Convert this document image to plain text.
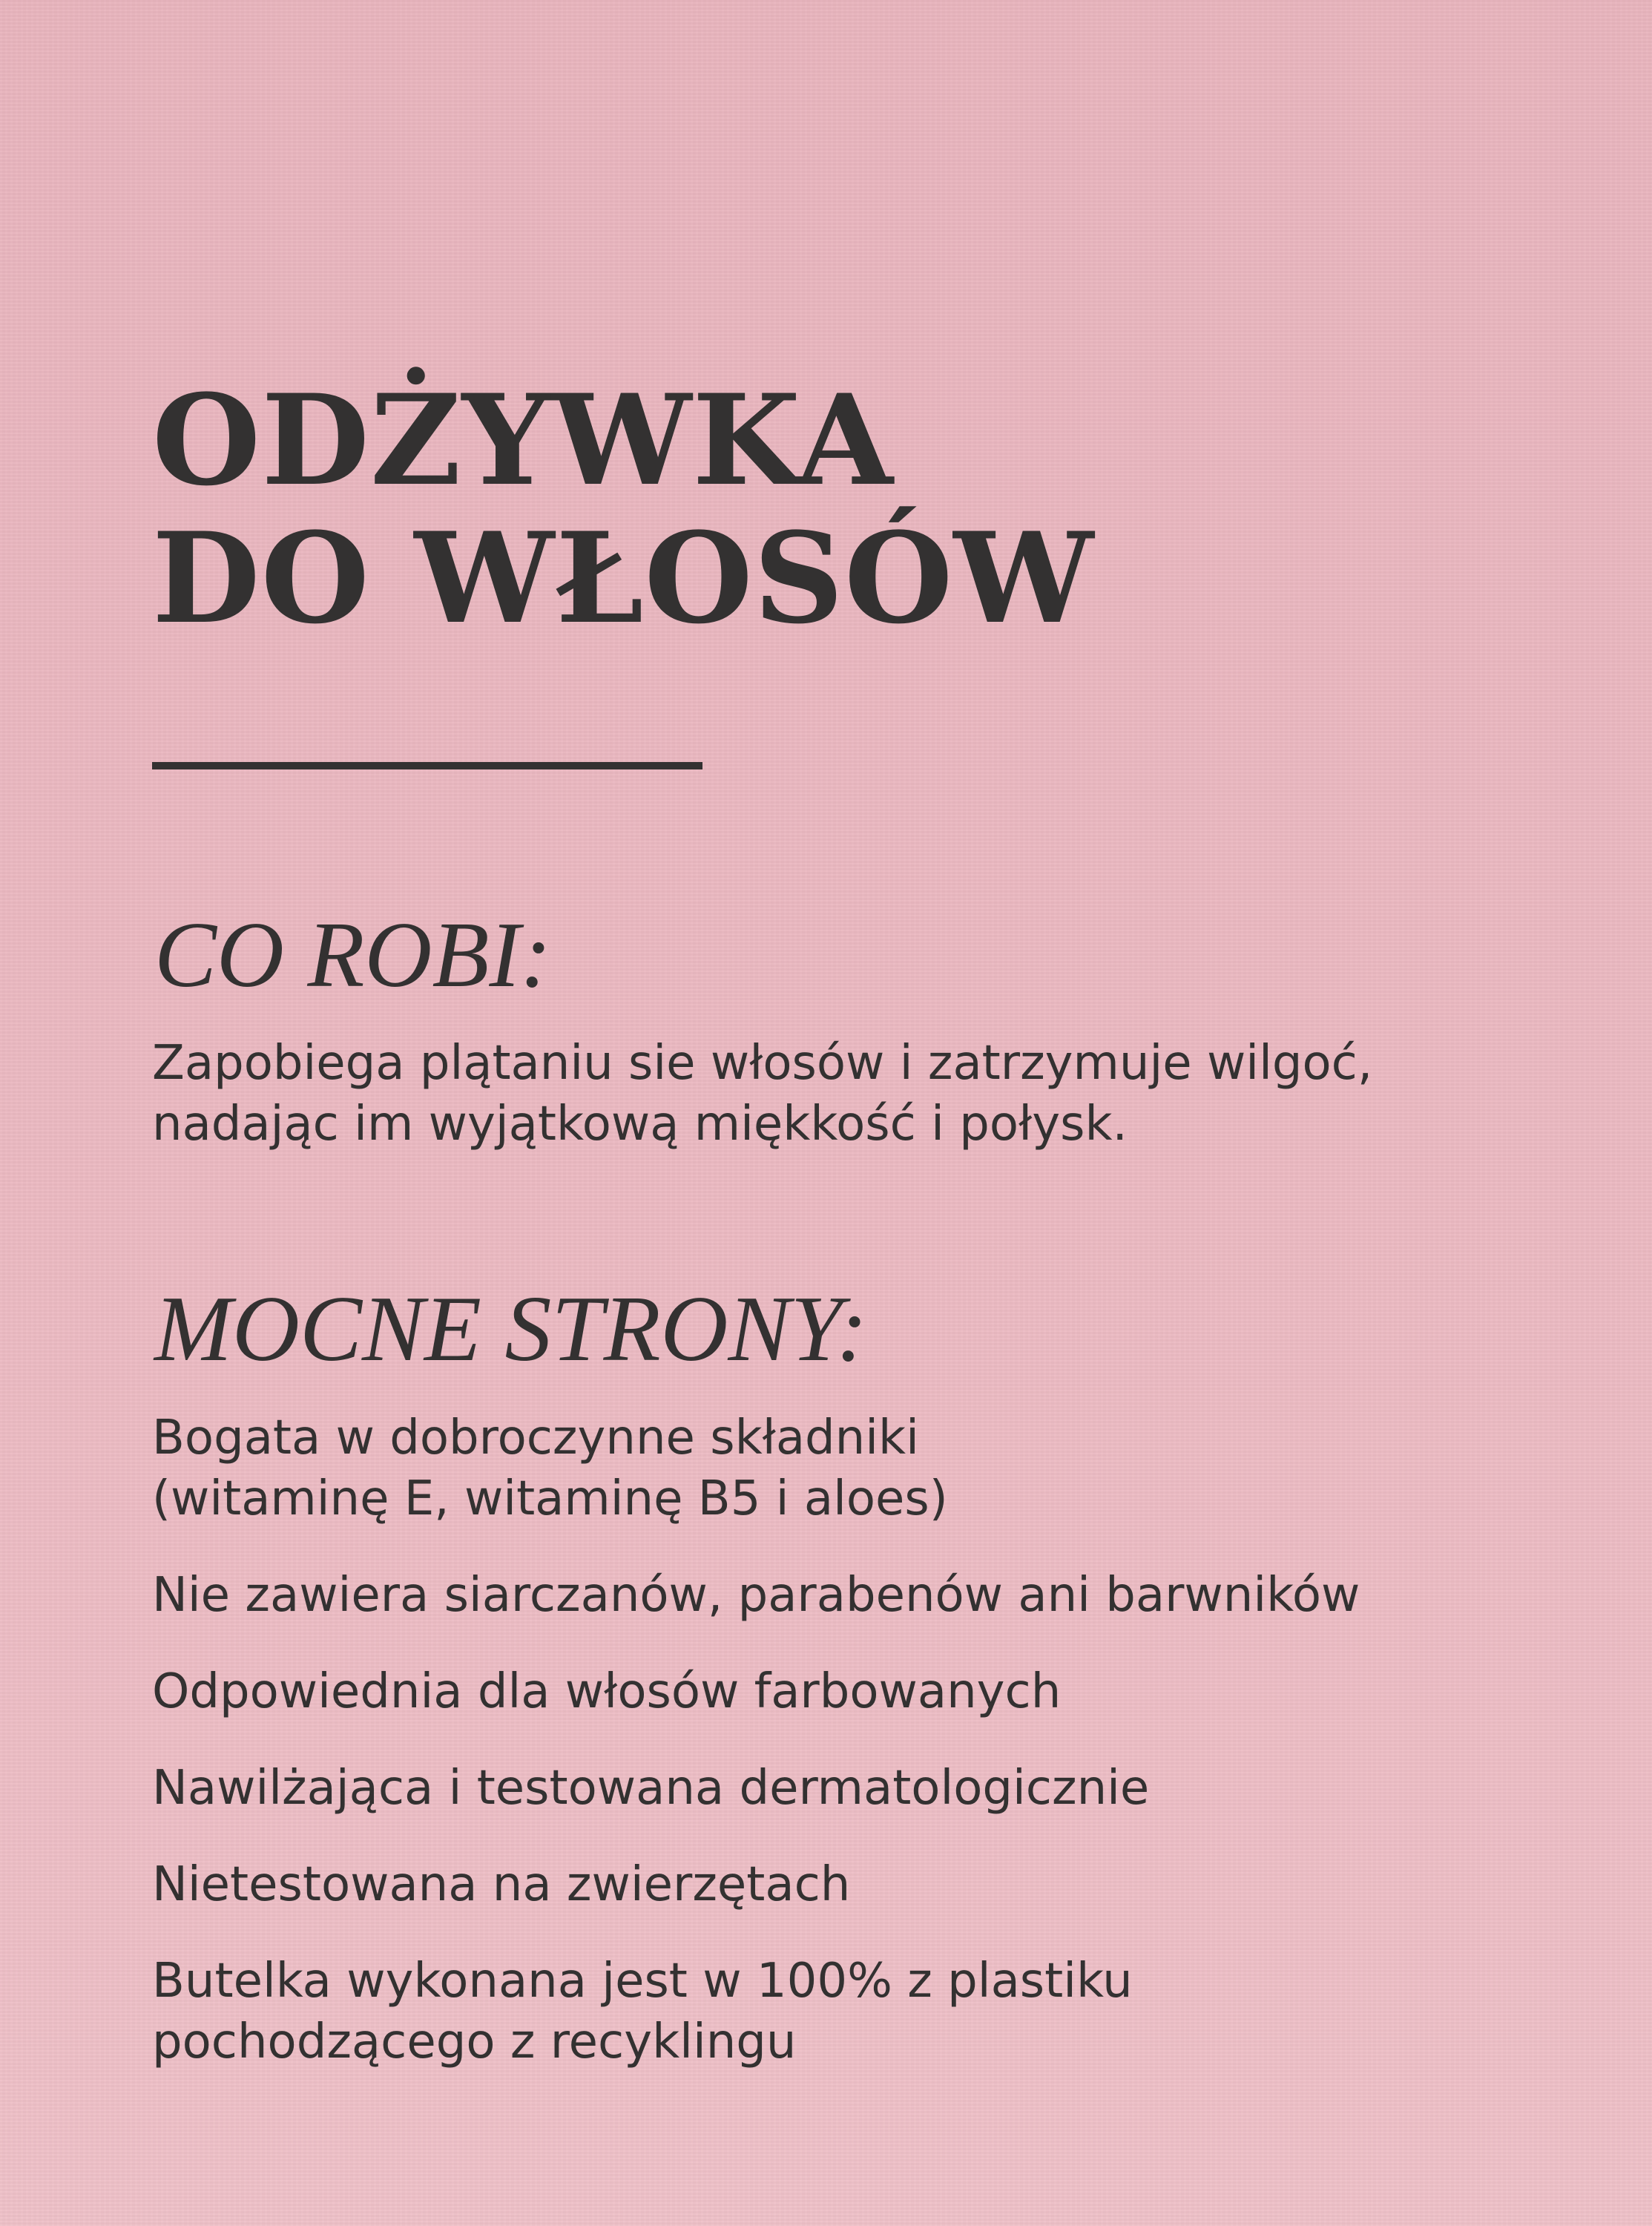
ODŻYWKA
DO WŁOSÓW
CO ROBI:

Zapobiega plątaniu sie włosów i zatrzymuje wilgoć,
nadając im wyjątkową miękkość i połysk.

MOCNE STRONY:
Bogata w dobroczynne składniki
(witaminę E, witaminę B5 i aloes)
Nie zawiera siarczanów, parabenów ani barwników
Odpowiednia dla włosów farbowanych
Nawilżająca i testowana dermatologicznie
Nietestowana na zwierzętach
Butelka wykonana jest w 100% z plastiku
pochodzącego z recyklingu
